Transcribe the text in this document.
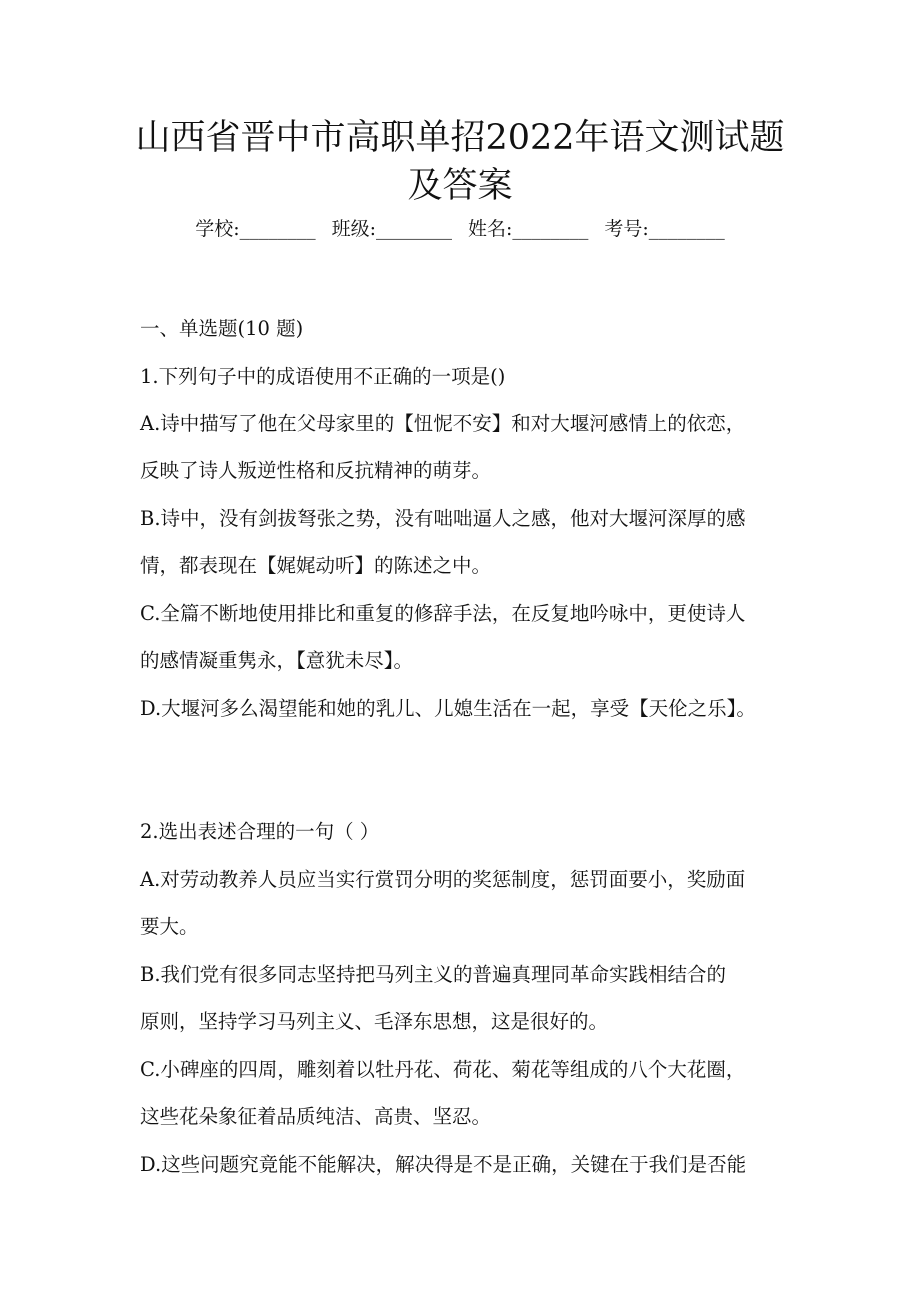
山西省晋中市高职单招2022年语文测试题
及答案
学校:________ 班级:________ 姓名:________ 考号:________
一、单选题(10 题)
1.下列句子中的成语使用不正确的一项是()
A.诗中描写了他在父母家里的【忸怩不安】和对大堰河感情上的依恋，
反映了诗人叛逆性格和反抗精神的萌芽。
B.诗中，没有剑拔弩张之势，没有咄咄逼人之感，他对大堰河深厚的感
情，都表现在【娓娓动听】的陈述之中。
C.全篇不断地使用排比和重复的修辞手法，在反复地吟咏中，更使诗人
的感情凝重隽永，【意犹未尽】。
D.大堰河多么渴望能和她的乳儿、儿媳生活在一起，享受【天伦之乐】。
2.选出表述合理的一句（ ）
A.对劳动教养人员应当实行赏罚分明的奖惩制度，惩罚面要小，奖励面
要大。
B.我们党有很多同志坚持把马列主义的普遍真理同革命实践相结合的
原则，坚持学习马列主义、毛泽东思想，这是很好的。
C.小碑座的四周，雕刻着以牡丹花、荷花、菊花等组成的八个大花圈，
这些花朵象征着品质纯洁、高贵、坚忍。
D.这些问题究竟能不能解决，解决得是不是正确，关键在于我们是否能
